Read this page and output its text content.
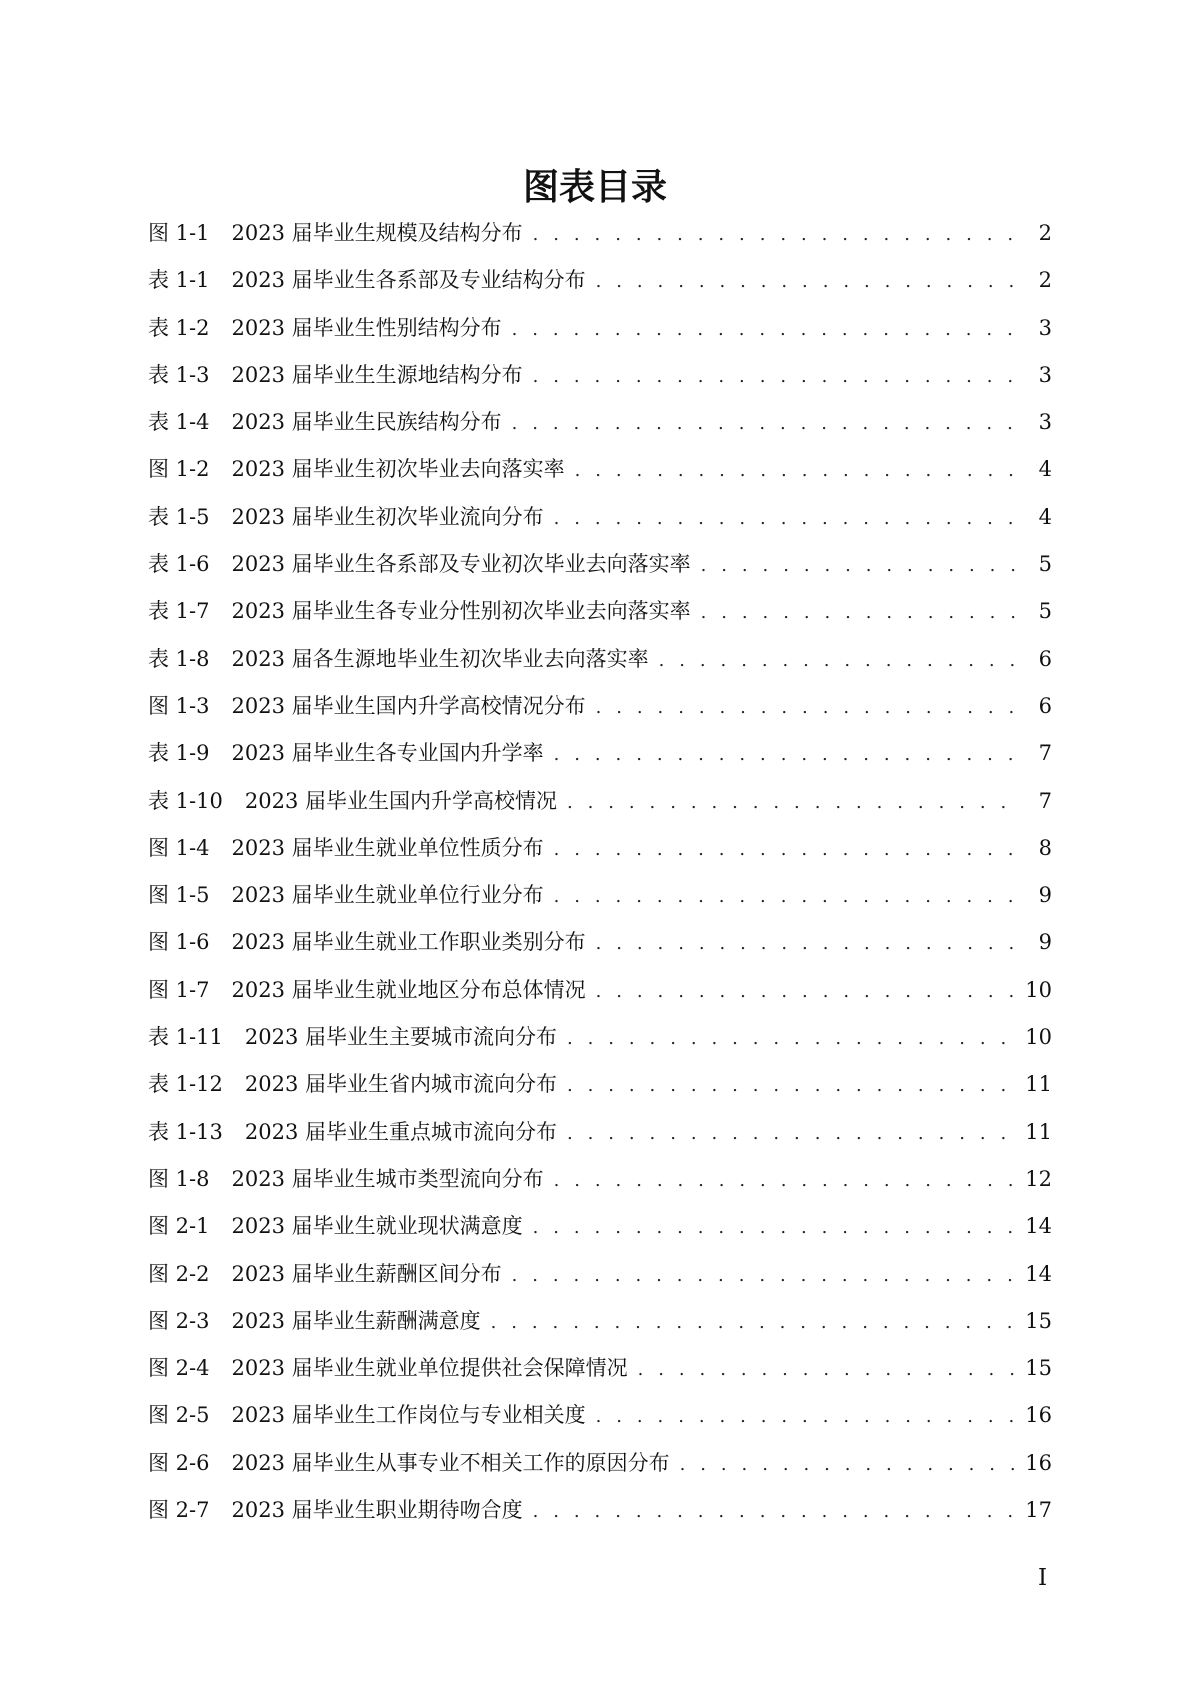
图表目录
图 1-1	2023 届毕业生规模及结构分布 . . .	2
表 1-1	2023 届毕业生各系部及专业结构分布 . . .	2
表 1-2	2023 届毕业生性别结构分布 . . .	3
表 1-3	2023 届毕业生生源地结构分布 . . .	3
表 1-4	2023 届毕业生民族结构分布 . . .	3
图 1-2	2023 届毕业生初次毕业去向落实率 . . .	4
表 1-5	2023 届毕业生初次毕业流向分布 . . .	4
表 1-6	2023 届毕业生各系部及专业初次毕业去向落实率 . . .	5
表 1-7	2023 届毕业生各专业分性别初次毕业去向落实率 . . .	5
表 1-8	2023 届各生源地毕业生初次毕业去向落实率 . . .	6
图 1-3	2023 届毕业生国内升学高校情况分布 . . .	6
表 1-9	2023 届毕业生各专业国内升学率 . . .	7
表 1-10	2023 届毕业生国内升学高校情况 . . .	7
图 1-4	2023 届毕业生就业单位性质分布 . . .	8
图 1-5	2023 届毕业生就业单位行业分布 . . .	9
图 1-6	2023 届毕业生就业工作职业类别分布 . . .	9
图 1-7	2023 届毕业生就业地区分布总体情况 . . .	10
表 1-11	2023 届毕业生主要城市流向分布 . . .	10
表 1-12	2023 届毕业生省内城市流向分布 . . .	11
表 1-13	2023 届毕业生重点城市流向分布 . . .	11
图 1-8	2023 届毕业生城市类型流向分布 . . .	12
图 2-1	2023 届毕业生就业现状满意度 . . .	14
图 2-2	2023 届毕业生薪酬区间分布 . . .	14
图 2-3	2023 届毕业生薪酬满意度 . . .	15
图 2-4	2023 届毕业生就业单位提供社会保障情况 . . .	15
图 2-5	2023 届毕业生工作岗位与专业相关度 . . .	16
图 2-6	2023 届毕业生从事专业不相关工作的原因分布 . . .	16
图 2-7	2023 届毕业生职业期待吻合度 . . .	17
I
